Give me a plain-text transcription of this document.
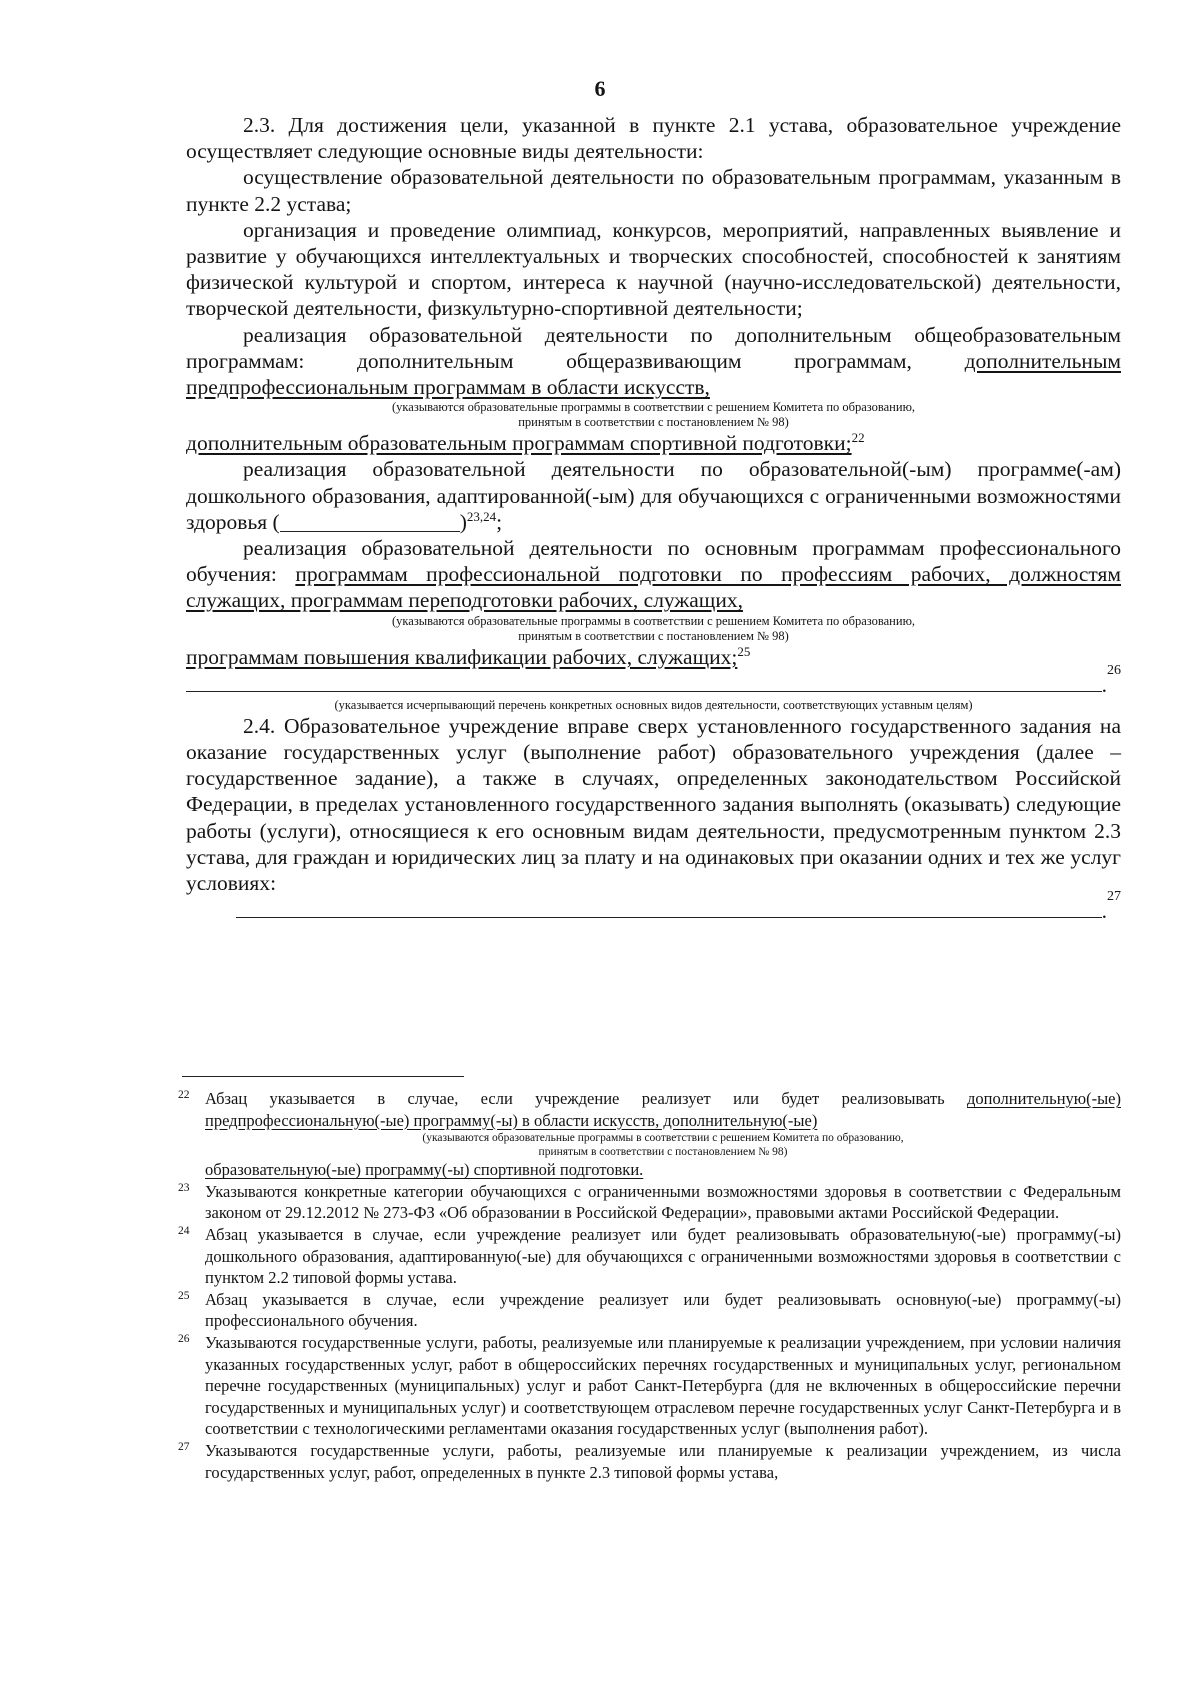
6

2.3. Для достижения цели, указанной в пункте 2.1 устава, образовательное учреждение осуществляет следующие основные виды деятельности:

осуществление образовательной деятельности по образовательным программам, указанным в пункте 2.2 устава;

организация и проведение олимпиад, конкурсов, мероприятий, направленных выявление и развитие у обучающихся интеллектуальных и творческих способностей, способностей к занятиям физической культурой и спортом, интереса к научной (научно-исследовательской) деятельности, творческой деятельности, физкультурно-спортивной деятельности;

реализация образовательной деятельности по дополнительным общеобразовательным программам: дополнительным общеразвивающим программам, дополнительным предпрофессиональным программам в области искусств,

(указываются образовательные программы в соответствии с решением Комитета по образованию,

принятым в соответствии с постановлением № 98)

дополнительным образовательным программам спортивной подготовки;$^{22}$

реализация образовательной деятельности по образовательной(-ым) программе(-ам) дошкольного образования, адаптированной(-ым) для обучающихся с ограниченными возможностями здоровья (	)$^{23,24}$;

реализация образовательной деятельности по основным программам профессионального обучения: программам профессиональной подготовки по профессиям рабочих, должностям служащих, программам переподготовки рабочих, служащих,

(указываются образовательные программы в соответствии с решением Комитета по образованию,

принятым в соответствии с постановлением № 98)

программам повышения квалификации рабочих, служащих;$^{25}$

.
26

(указывается исчерпывающий перечень конкретных основных видов деятельности, соответствующих уставным целям)

2.4. Образовательное учреждение вправе сверх установленного государственного задания на оказание государственных услуг (выполнение работ) образовательного учреждения (далее – государственное задание), а также в случаях, определенных законодательством Российской Федерации, в пределах установленного государственного задания выполнять (оказывать) следующие работы (услуги), относящиеся к его основным видам деятельности, предусмотренным пунктом 2.3 устава, для граждан и юридических лиц за плату и на одинаковых при оказании одних и тех же услуг условиях:

.
27
22 Абзац указывается в случае, если учреждение реализует или будет реализовывать дополнительную(-ые) предпрофессиональную(-ые) программу(-ы) в области искусств, дополнительную(-ые)
(указываются образовательные программы в соответствии с решением Комитета по образованию,
принятым в соответствии с постановлением № 98)
образовательную(-ые) программу(-ы) спортивной подготовки.
23 Указываются конкретные категории обучающихся с ограниченными возможностями здоровья в соответствии с Федеральным законом от 29.12.2012 № 273-ФЗ «Об образовании в Российской Федерации», правовыми актами Российской Федерации.
24 Абзац указывается в случае, если учреждение реализует или будет реализовывать образовательную(-ые) программу(-ы) дошкольного образования, адаптированную(-ые) для обучающихся с ограниченными возможностями здоровья в соответствии с пунктом 2.2 типовой формы устава.
25 Абзац указывается в случае, если учреждение реализует или будет реализовывать основную(-ые) программу(-ы) профессионального обучения.
26 Указываются государственные услуги, работы, реализуемые или планируемые к реализации учреждением, при условии наличия указанных государственных услуг, работ в общероссийских перечнях государственных и муниципальных услуг, региональном перечне государственных (муниципальных) услуг и работ Санкт-Петербурга (для не включенных в общероссийские перечни государственных и муниципальных услуг) и соответствующем отраслевом перечне государственных услуг Санкт-Петербурга и в соответствии с технологическими регламентами оказания государственных услуг (выполнения работ).
27 Указываются государственные услуги, работы, реализуемые или планируемые к реализации учреждением, из числа государственных услуг, работ, определенных в пункте 2.3 типовой формы устава,
